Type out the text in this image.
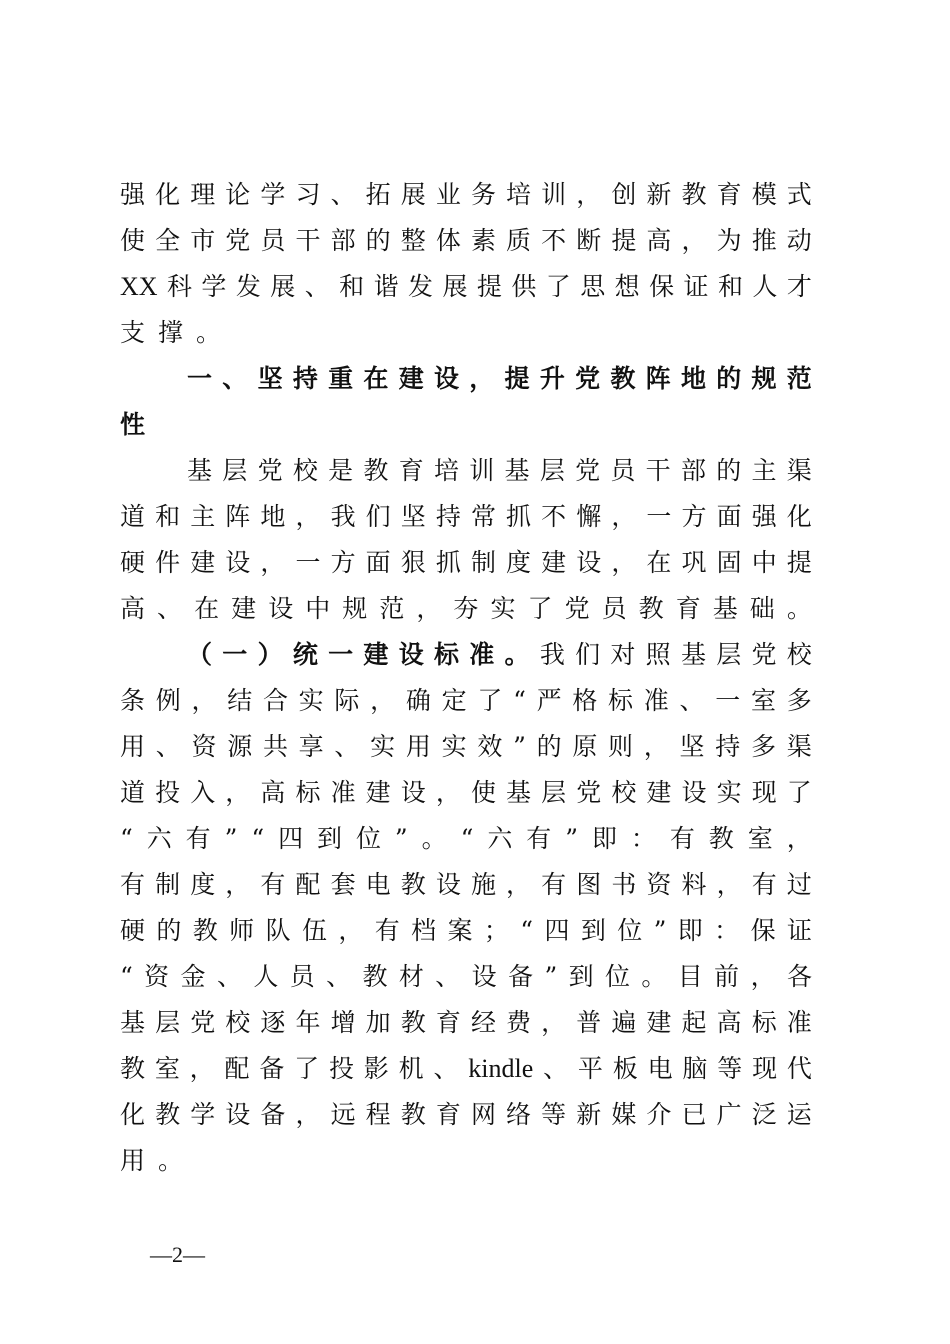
强 化 理 论 学 习 、 拓 展 业 务 培 训 ， 创 新 教 育 模 式
使 全 市 党 员 干 部 的 整 体 素 质 不 断 提 高 ， 为 推 动
XX 科 学 发 展 、 和 谐 发 展 提 供 了 思 想 保 证 和 人 才
支 撑 。
一 、 坚 持 重 在 建 设 ， 提 升 党 教 阵 地 的 规 范
性
基 层 党 校 是 教 育 培 训 基 层 党 员 干 部 的 主 渠
道 和 主 阵 地 ， 我 们 坚 持 常 抓 不 懈 ， 一 方 面 强 化
硬 件 建 设 ， 一 方 面 狠 抓 制 度 建 设 ， 在 巩 固 中 提
高 、 在 建 设 中 规 范 ， 夯 实 了 党 员 教 育 基 础 。
（ 一 ） 统 一 建 设 标 准 。 我 们 对 照 基 层 党 校
条 例 ， 结 合 实 际 ， 确 定 了 “ 严 格 标 准 、 一 室 多
用 、 资 源 共 享 、 实 用 实 效 ” 的 原 则 ， 坚 持 多 渠
道 投 入 ， 高 标 准 建 设 ， 使 基 层 党 校 建 设 实 现 了
“ 六 有 ” “ 四 到 位 ” 。 “ 六 有 ” 即 ： 有 教 室 ，
有 制 度 ， 有 配 套 电 教 设 施 ， 有 图 书 资 料 ， 有 过
硬 的 教 师 队 伍 ， 有 档 案 ； “ 四 到 位 ” 即 ： 保 证
“ 资 金 、 人 员 、 教 材 、 设 备 ” 到 位 。 目 前 ， 各
基 层 党 校 逐 年 增 加 教 育 经 费 ， 普 遍 建 起 高 标 准
教 室 ， 配 备 了 投 影 机 、 kindle 、 平 板 电 脑 等 现 代
化 教 学 设 备 ， 远 程 教 育 网 络 等 新 媒 介 已 广 泛 运
用 。
—2—
